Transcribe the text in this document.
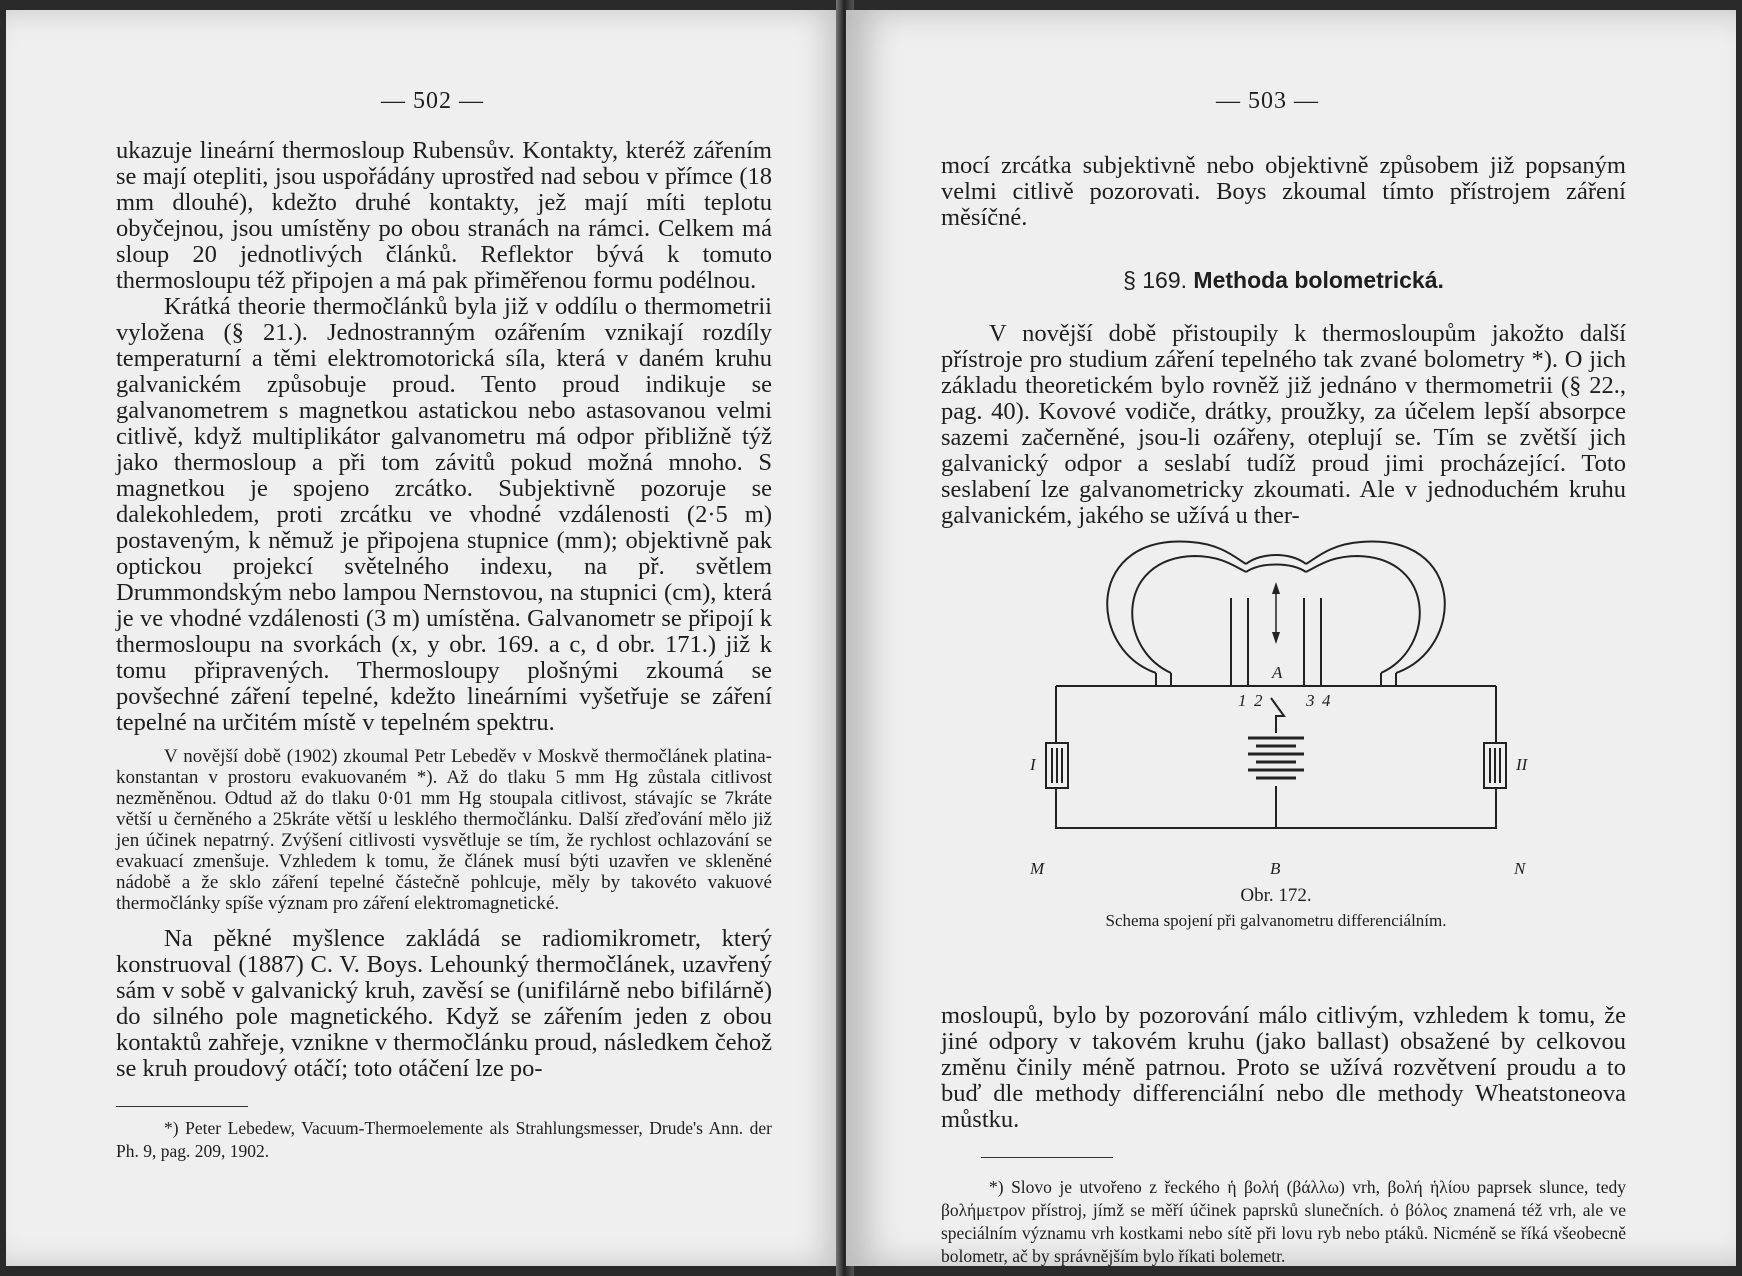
— 502 —

ukazuje lineární thermosloup Rubensův. Kontakty, kteréž zářením se mají otepliti, jsou uspořádány uprostřed nad sebou v přímce (18 mm dlouhé), kdežto druhé kontakty, jež mají míti teplotu obyčejnou, jsou umístěny po obou stranách na rámci. Celkem má sloup 20 jednotlivých článků. Reflektor bývá k tomuto thermosloupu též připojen a má pak přiměřenou formu podélnou.

Krátká theorie thermočlánků byla již v oddílu o thermometrii vyložena (§ 21.). Jednostranným ozářením vznikají rozdíly temperaturní a těmi elektromotorická síla, která v daném kruhu galvanickém způsobuje proud. Tento proud indikuje se galvanometrem s magnetkou astatickou nebo astasovanou velmi citlivě, když multiplikátor galvanometru má odpor přibližně týž jako thermosloup a při tom závitů pokud možná mnoho. S magnetkou je spojeno zrcátko. Subjektivně pozoruje se dalekohledem, proti zrcátku ve vhodné vzdálenosti (2·5 m) postaveným, k němuž je připojena stupnice (mm); objektivně pak optickou projekcí světelného indexu, na př. světlem Drummondským nebo lampou Nernstovou, na stupnici (cm), která je ve vhodné vzdálenosti (3 m) umístěna. Galvanometr se připojí k thermosloupu na svorkách (x, y obr. 169. a c, d obr. 171.) již k tomu připravených. Thermosloupy plošnými zkoumá se povšechné záření tepelné, kdežto lineárními vyšetřuje se záření tepelné na určitém místě v tepelném spektru.

V novější době (1902) zkoumal Petr Lebeděv v Moskvě thermočlánek platina-konstantan v prostoru evakuovaném *). Až do tlaku 5 mm Hg zůstala citlivost nezměněnou. Odtud až do tlaku 0·01 mm Hg stoupala citlivost, stávajíc se 7kráte větší u černěného a 25kráte větší u lesklého thermočlánku. Další zřeďování mělo již jen účinek nepatrný. Zvýšení citlivosti vysvětluje se tím, že rychlost ochlazování se evakuací zmenšuje. Vzhledem k tomu, že článek musí býti uzavřen ve skleněné nádobě a že sklo záření tepelné částečně pohlcuje, měly by takovéto vakuové thermočlánky spíše význam pro záření elektromagnetické.

Na pěkné myšlence zakládá se radiomikrometr, který konstruoval (1887) C. V. Boys. Lehounký thermočlánek, uzavřený sám v sobě v galvanický kruh, zavěsí se (unifilárně nebo bifilárně) do silného pole magnetického. Když se zářením jeden z obou kontaktů zahřeje, vznikne v thermočlánku proud, následkem čehož se kruh proudový otáčí; toto otáčení lze po-

*) Peter Lebedew, Vacuum-Thermoelemente als Strahlungsmesser, Drude's Ann. der Ph. 9, pag. 209, 1902.

— 503 —

mocí zrcátka subjektivně nebo objektivně způsobem již popsaným velmi citlivě pozorovati. Boys zkoumal tímto přístrojem záření měsíčné.

§ 169. Methoda bolometrická.

V novější době přistoupily k thermosloupům jakožto další přístroje pro studium záření tepelného tak zvané bolometry *). O jich základu theoretickém bylo rovněž již jednáno v thermometrii (§ 22., pag. 40). Kovové vodiče, drátky, proužky, za účelem lepší absorpce sazemi začerněné, jsou-li ozářeny, oteplují se. Tím se zvětší jich galvanický odpor a seslabí tudíž proud jimi procházející. Toto seslabení lze galvanometricky zkoumati. Ale v jednoduchém kruhu galvanickém, jakého se užívá u ther-

A
1 2	3 4
I	II
M	B	N
Obr. 172.
Schema spojení při galvanometru differenciálním.

mosloupů, bylo by pozorování málo citlivým, vzhledem k tomu, že jiné odpory v takovém kruhu (jako ballast) obsažené by celkovou změnu činily méně patrnou. Proto se užívá rozvětvení proudu a to buď dle methody differenciální nebo dle methody Wheatstoneova můstku.

*) Slovo je utvořeno z řeckého ἡ βολή (βάλλω) vrh, βολή ἡλίου paprsek slunce, tedy βολήμετρον přístroj, jímž se měří účinek paprsků slunečních. ὁ βόλος znamená též vrh, ale ve speciálním významu vrh kostkami nebo sítě při lovu ryb nebo ptáků. Nicméně se říká všeobecně bolometr, ač by správnějším bylo říkati bolemetr.
